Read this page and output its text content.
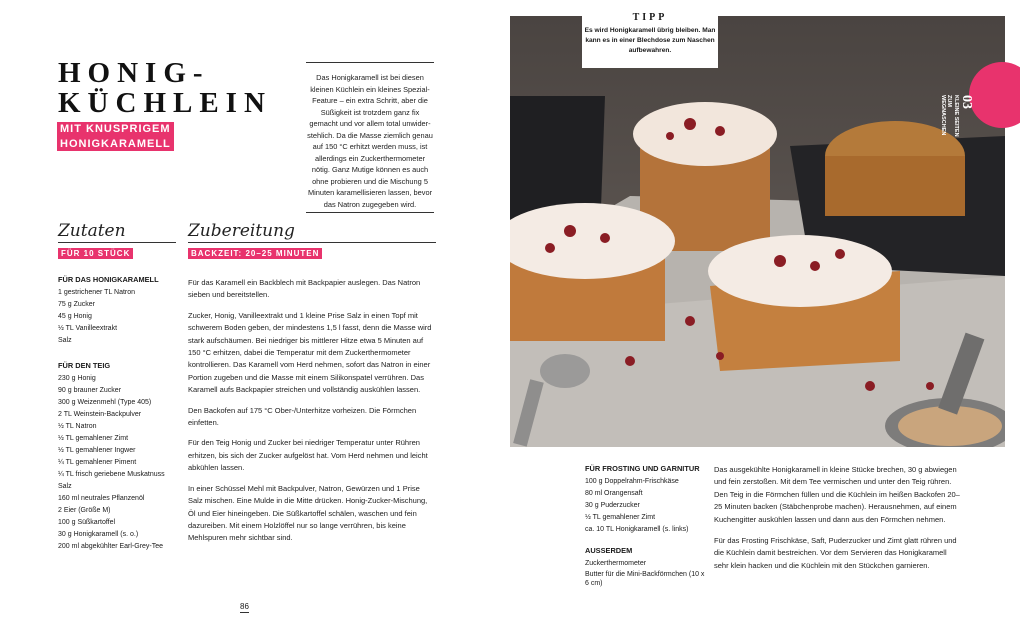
HONIG-
KÜCHLEIN
MIT KNUSPRIGEM
HONIGKARAMELL

Das Honigkaramell ist bei diesen kleinen Küchlein ein kleines Spezial-Feature – ein extra Schritt, aber die Süßigkeit ist trotzdem ganz fix gemacht und vor allem total unwider-stehlich. Da die Masse ziemlich genau auf 150 °C erhitzt werden muss, ist allerdings ein Zuckerthermometer nötig. Ganz Mutige können es auch ohne probieren und die Mischung 5 Minuten karamellisieren lassen, bevor das Natron zugegeben wird.

Zutaten
FÜR 10 STÜCK
FÜR DAS HONIGKARAMELL
1 gestrichener TL Natron
75 g Zucker
45 g Honig
½ TL Vanilleextrakt
Salz
FÜR DEN TEIG
230 g Honig
90 g brauner Zucker
300 g Weizenmehl (Type 405)
2 TL Weinstein-Backpulver
½ TL Natron
½ TL gemahlener Zimt
½ TL gemahlener Ingwer
¼ TL gemahlener Piment
¼ TL frisch geriebene Muskatnuss
Salz
160 ml neutrales Pflanzenöl
2 Eier (Größe M)
100 g Süßkartoffel
30 g Honigkaramell (s. o.)
200 ml abgekühlter Earl-Grey-Tee
Zubereitung
BACKZEIT: 20–25 MINUTEN

Für das Karamell ein Backblech mit Backpapier auslegen. Das Natron sieben und bereitstellen.

Zucker, Honig, Vanilleextrakt und 1 kleine Prise Salz in einen Topf mit schwerem Boden geben, der mindestens 1,5 l fasst, denn die Masse wird stark aufschäumen. Bei niedriger bis mittlerer Hitze etwa 5 Minuten auf 150 °C erhitzen, dabei die Temperatur mit dem Zuckerthermometer kontrollieren. Das Karamell vom Herd nehmen, sofort das Natron in einer Portion zugeben und die Masse mit einem Silikonspatel verrühren. Das Karamell aufs Backpapier streichen und vollständig auskühlen lassen.

Den Backofen auf 175 °C Ober-/Unterhitze vorheizen. Die Förmchen einfetten.

Für den Teig Honig und Zucker bei niedriger Temperatur unter Rühren erhitzen, bis sich der Zucker aufgelöst hat. Vom Herd nehmen und leicht abkühlen lassen.

In einer Schüssel Mehl mit Backpulver, Natron, Gewürzen und 1 Prise Salz mischen. Eine Mulde in die Mitte drücken. Honig-Zucker-Mischung, Öl und Eier hineingeben. Die Süßkartoffel schälen, waschen und fein dazureiben. Mit einem Holzlöffel nur so lange verrühren, bis keine Mehlspuren mehr sichtbar sind.

86
TIPP
Es wird Honigkaramell übrig bleiben. Man kann es in einer Blechdose zum Naschen aufbewahren.
03
KLEINE SEITEN
ZUM
WEGNASCHEN
FÜR FROSTING UND GARNITUR
100 g Doppelrahm-Frischkäse
80 ml Orangensaft
30 g Puderzucker
½ TL gemahlener Zimt
ca. 10 TL Honigkaramell (s. links)
AUSSERDEM
Zuckerthermometer
Butter für die Mini-Backförmchen (10 x 6 cm)

Das ausgekühlte Honigkaramell in kleine Stücke brechen, 30 g abwiegen und fein zerstoßen. Mit dem Tee vermischen und unter den Teig rühren. Den Teig in die Förmchen füllen und die Küchlein im heißen Backofen 20–25 Minuten backen (Stäbchenprobe machen). Herausnehmen, auf einem Kuchengitter auskühlen lassen und dann aus den Förmchen nehmen.

Für das Frosting Frischkäse, Saft, Puderzucker und Zimt glatt rühren und die Küchlein damit bestreichen. Vor dem Servieren das Honigkaramell sehr klein hacken und die Küchlein mit den Stückchen garnieren.
